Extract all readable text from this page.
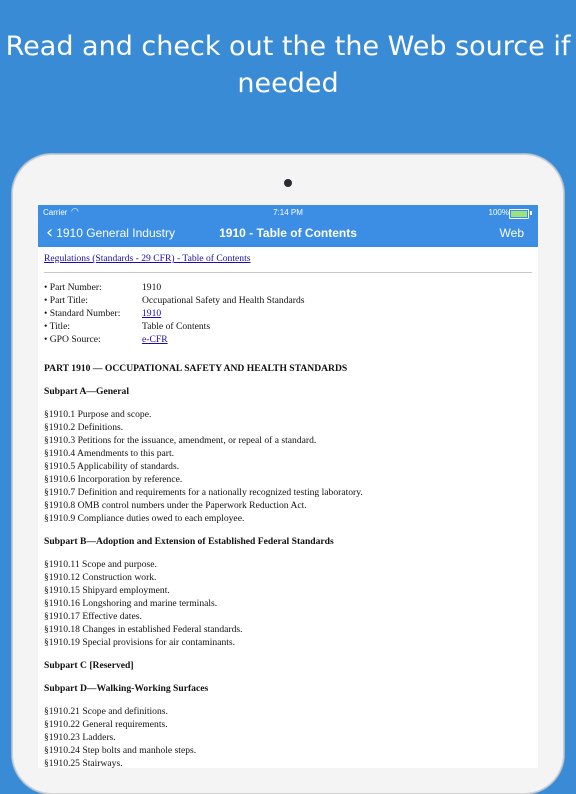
Read and check out the the Web source if
needed
Carrier ◠	7:14 PM	100%
‹ 1910 General Industry	1910 - Table of Contents	Web
Regulations (Standards - 29 CFR) - Table of Contents
• Part Number:	1910
• Part Title:	Occupational Safety and Health Standards
• Standard Number:	1910
• Title:	Table of Contents
• GPO Source:	e-CFR
PART 1910 — OCCUPATIONAL SAFETY AND HEALTH STANDARDS
Subpart A—General
§1910.1 Purpose and scope.
§1910.2 Definitions.
§1910.3 Petitions for the issuance, amendment, or repeal of a standard.
§1910.4 Amendments to this part.
§1910.5 Applicability of standards.
§1910.6 Incorporation by reference.
§1910.7 Definition and requirements for a nationally recognized testing laboratory.
§1910.8 OMB control numbers under the Paperwork Reduction Act.
§1910.9 Compliance duties owed to each employee.
Subpart B—Adoption and Extension of Established Federal Standards
§1910.11 Scope and purpose.
§1910.12 Construction work.
§1910.15 Shipyard employment.
§1910.16 Longshoring and marine terminals.
§1910.17 Effective dates.
§1910.18 Changes in established Federal standards.
§1910.19 Special provisions for air contaminants.
Subpart C [Reserved]
Subpart D—Walking-Working Surfaces
§1910.21 Scope and definitions.
§1910.22 General requirements.
§1910.23 Ladders.
§1910.24 Step bolts and manhole steps.
§1910.25 Stairways.
